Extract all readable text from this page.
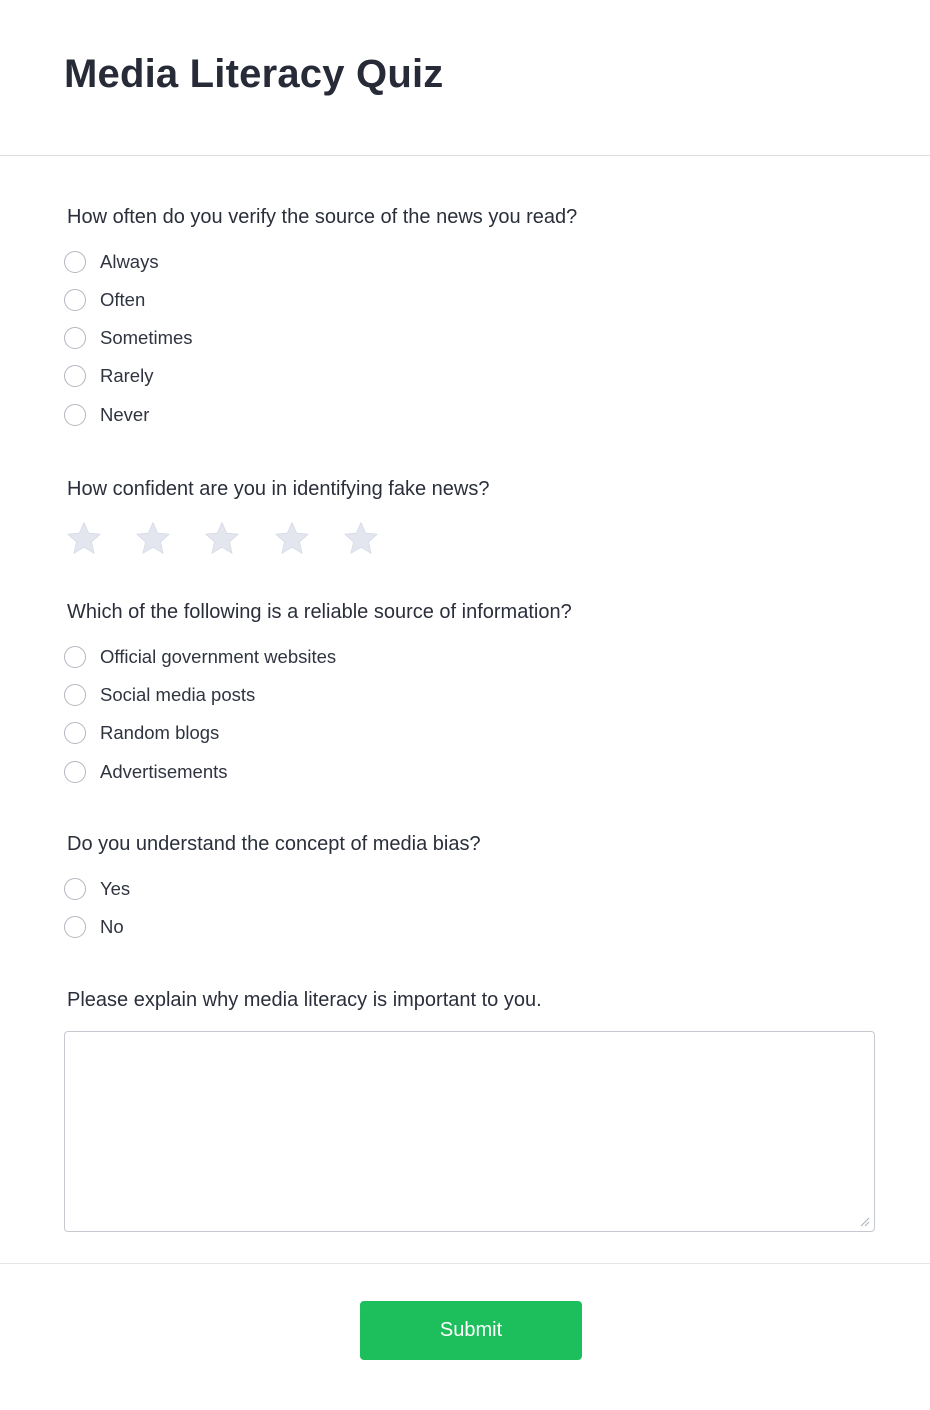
Media Literacy Quiz
How often do you verify the source of the news you read?
Always
Often
Sometimes
Rarely
Never
How confident are you in identifying fake news?
Which of the following is a reliable source of information?
Official government websites
Social media posts
Random blogs
Advertisements
Do you understand the concept of media bias?
Yes
No
Please explain why media literacy is important to you.
Submit
